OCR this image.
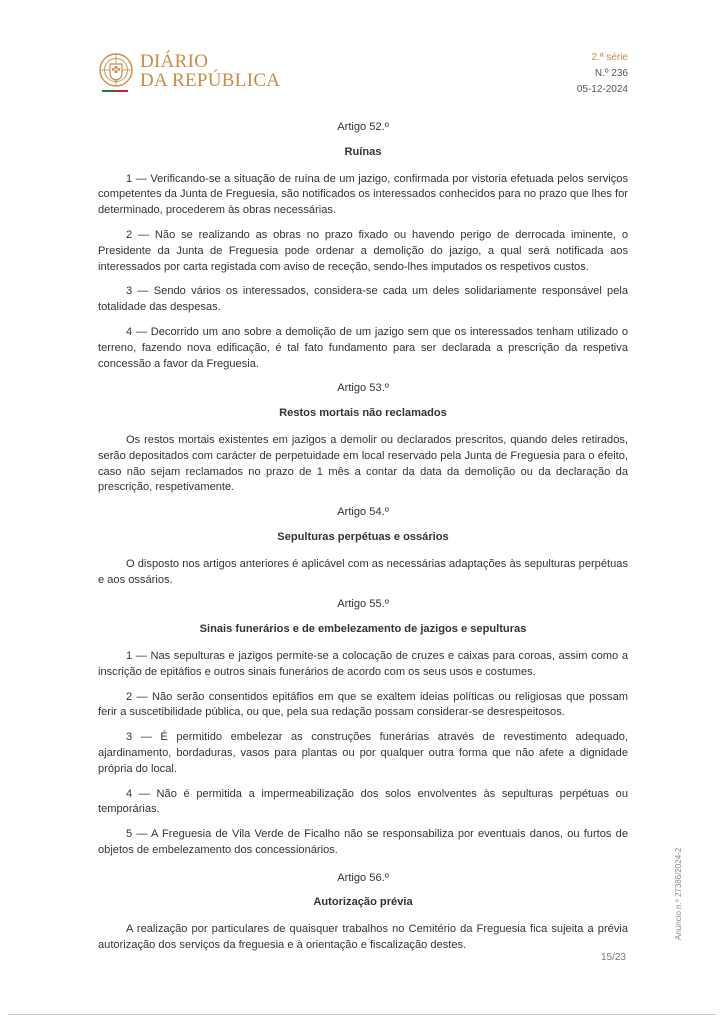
DIÁRIO
DA REPÚBLICA
2.ª série
N.º 236
05-12-2024
Artigo 52.º
Ruínas

1 — Verificando-se a situação de ruína de um jazigo, confirmada por vistoria efetuada pelos serviços competentes da Junta de Freguesia, são notificados os interessados conhecidos para no prazo que lhes for determinado, procederem às obras necessárias.

2 — Não se realizando as obras no prazo fixado ou havendo perigo de derrocada iminente, o Presidente da Junta de Freguesia pode ordenar a demolição do jazigo, a qual será notificada aos interessados por carta registada com aviso de receção, sendo-lhes imputados os respetivos custos.

3 — Sendo vários os interessados, considera-se cada um deles solidariamente responsável pela totalidade das despesas.

4 — Decorrido um ano sobre a demolição de um jazigo sem que os interessados tenham utilizado o terreno, fazendo nova edificação, é tal fato fundamento para ser declarada a prescrição da respetiva concessão a favor da Freguesia.

Artigo 53.º
Restos mortais não reclamados

Os restos mortais existentes em jazigos a demolir ou declarados prescritos, quando deles retirados, serão depositados com carácter de perpetuidade em local reservado pela Junta de Freguesia para o efeito, caso não sejam reclamados no prazo de 1 mês a contar da data da demolição ou da declaração da prescrição, respetivamente.

Artigo 54.º
Sepulturas perpétuas e ossários

O disposto nos artigos anteriores é aplicável com as necessárias adaptações às sepulturas perpétuas e aos ossários.

Artigo 55.º
Sinais funerários e de embelezamento de jazigos e sepulturas

1 — Nas sepulturas e jazigos permite-se a colocação de cruzes e caixas para coroas, assim como a inscrição de epitáfios e outros sinais funerários de acordo com os seus usos e costumes.

2 — Não serão consentidos epitáfios em que se exaltem ideias políticas ou religiosas que possam ferir a suscetibilidade pública, ou que, pela sua redação possam considerar-se desrespeitosos.

3 — É permitido embelezar as construções funerárias através de revestimento adequado, ajardinamento, bordaduras, vasos para plantas ou por qualquer outra forma que não afete a dignidade própria do local.

4 — Não é permitida a impermeabilização dos solos envolventes às sepulturas perpétuas ou temporárias.

5 — A Freguesia de Vila Verde de Ficalho não se responsabiliza por eventuais danos, ou furtos de objetos de embelezamento dos concessionários.

Artigo 56.º
Autorização prévia

A realização por particulares de quaisquer trabalhos no Cemitério da Freguesia fica sujeita a prévia autorização dos serviços da freguesia e à orientação e fiscalização destes.

Anúncio n.º 27386/2024-2
15/23
